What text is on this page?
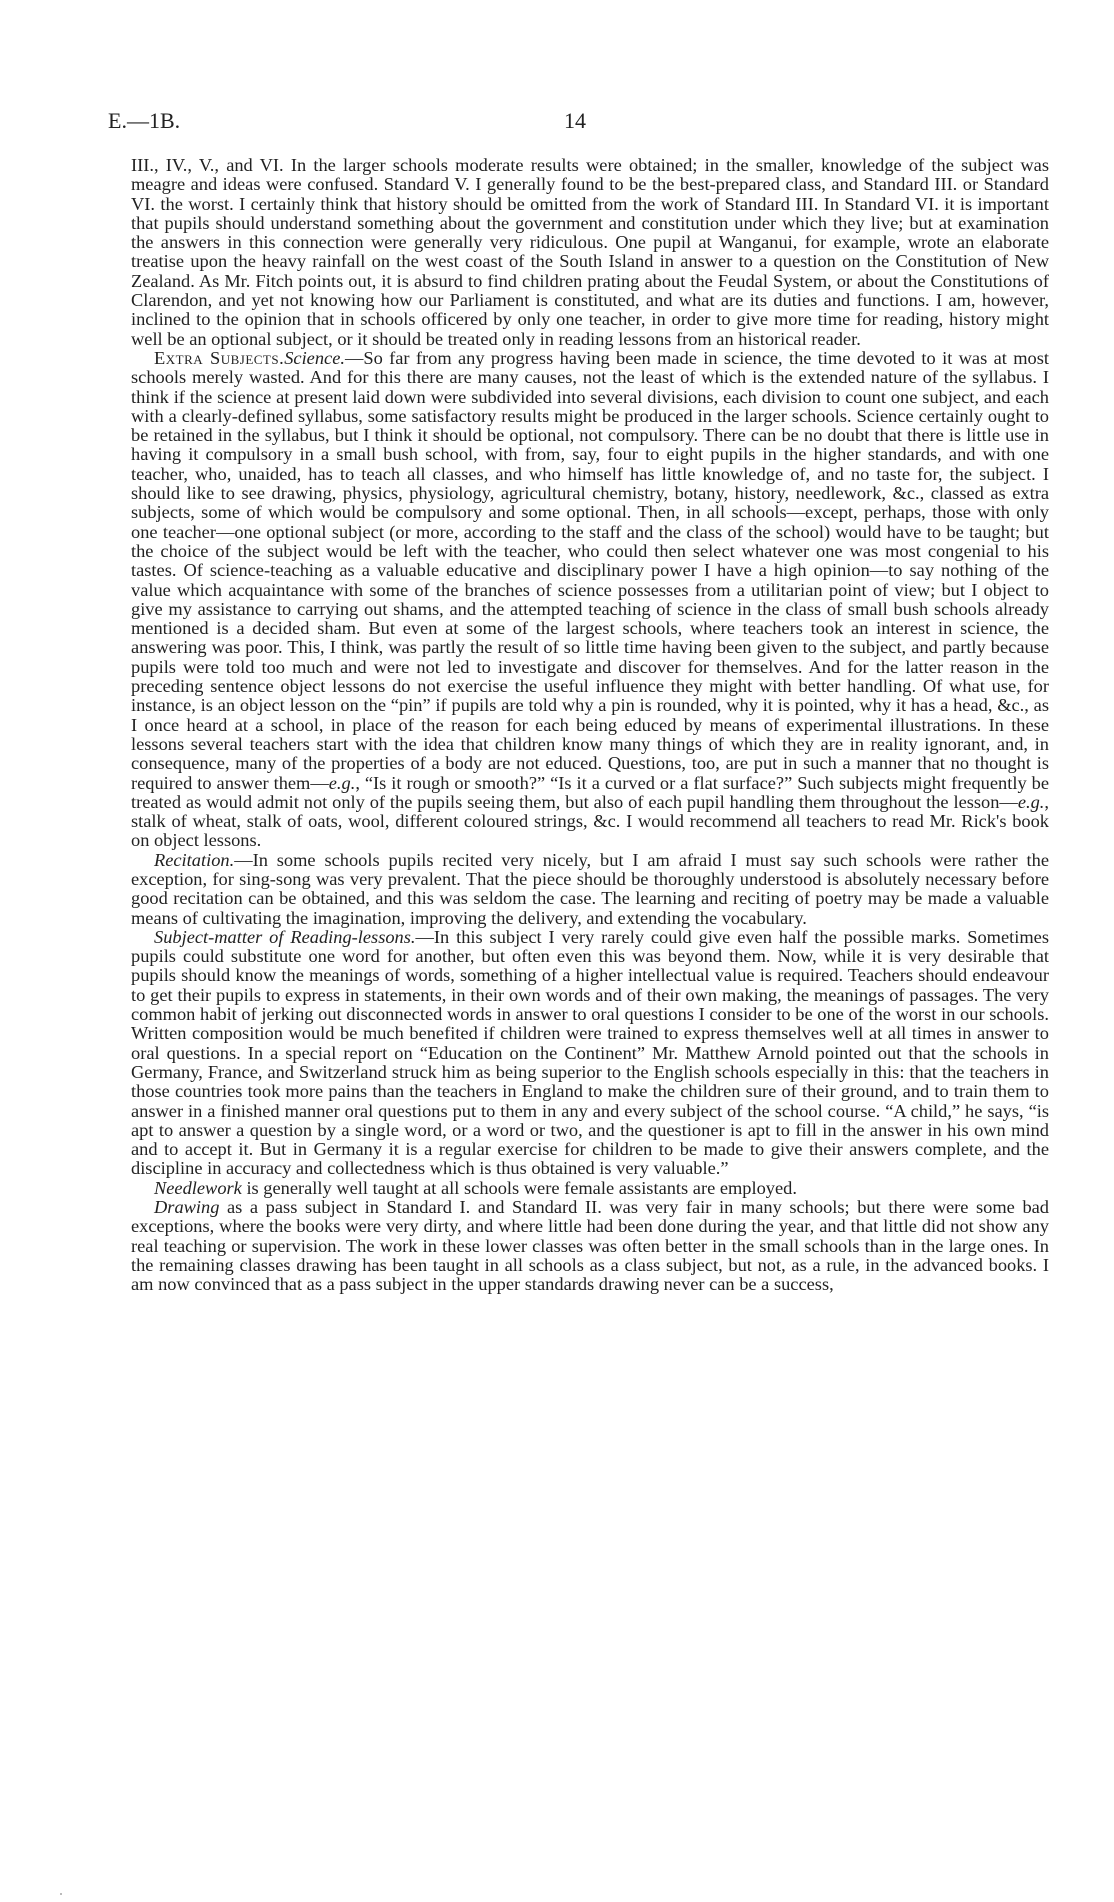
E.—1B.	14

III., IV., V., and VI. In the larger schools moderate results were obtained; in the smaller, knowledge of the subject was meagre and ideas were confused. Standard V. I generally found to be the best-prepared class, and Standard III. or Standard VI. the worst. I certainly think that history should be omitted from the work of Standard III. In Standard VI. it is important that pupils should understand something about the government and constitution under which they live; but at examination the answers in this connection were generally very ridiculous. One pupil at Wanganui, for example, wrote an elaborate treatise upon the heavy rainfall on the west coast of the South Island in answer to a question on the Constitution of New Zealand. As Mr. Fitch points out, it is absurd to find children prating about the Feudal System, or about the Constitutions of Clarendon, and yet not knowing how our Parliament is constituted, and what are its duties and functions. I am, however, inclined to the opinion that in schools officered by only one teacher, in order to give more time for reading, history might well be an optional subject, or it should be treated only in reading lessons from an historical reader.

Extra Subjects.Science.—So far from any progress having been made in science, the time devoted to it was at most schools merely wasted. And for this there are many causes, not the least of which is the extended nature of the syllabus. I think if the science at present laid down were subdivided into several divisions, each division to count one subject, and each with a clearly-defined syllabus, some satisfactory results might be produced in the larger schools. Science certainly ought to be retained in the syllabus, but I think it should be optional, not compulsory. There can be no doubt that there is little use in having it compulsory in a small bush school, with from, say, four to eight pupils in the higher standards, and with one teacher, who, unaided, has to teach all classes, and who himself has little knowledge of, and no taste for, the subject. I should like to see drawing, physics, physiology, agricultural chemistry, botany, history, needlework, &c., classed as extra subjects, some of which would be compulsory and some optional. Then, in all schools—except, perhaps, those with only one teacher—one optional subject (or more, according to the staff and the class of the school) would have to be taught; but the choice of the subject would be left with the teacher, who could then select whatever one was most congenial to his tastes. Of science-teaching as a valuable educative and disciplinary power I have a high opinion—to say nothing of the value which acquaintance with some of the branches of science possesses from a utilitarian point of view; but I object to give my assistance to carrying out shams, and the attempted teaching of science in the class of small bush schools already mentioned is a decided sham. But even at some of the largest schools, where teachers took an interest in science, the answering was poor. This, I think, was partly the result of so little time having been given to the subject, and partly because pupils were told too much and were not led to investigate and discover for themselves. And for the latter reason in the preceding sentence object lessons do not exercise the useful influence they might with better handling. Of what use, for instance, is an object lesson on the “pin” if pupils are told why a pin is rounded, why it is pointed, why it has a head, &c., as I once heard at a school, in place of the reason for each being educed by means of experimental illustrations. In these lessons several teachers start with the idea that children know many things of which they are in reality ignorant, and, in consequence, many of the properties of a body are not educed. Questions, too, are put in such a manner that no thought is required to answer them—e.g., “Is it rough or smooth?” “Is it a curved or a flat surface?” Such subjects might frequently be treated as would admit not only of the pupils seeing them, but also of each pupil handling them throughout the lesson—e.g., stalk of wheat, stalk of oats, wool, different coloured strings, &c. I would recommend all teachers to read Mr. Rick's book on object lessons.

Recitation.—In some schools pupils recited very nicely, but I am afraid I must say such schools were rather the exception, for sing-song was very prevalent. That the piece should be thoroughly understood is absolutely necessary before good recitation can be obtained, and this was seldom the case. The learning and reciting of poetry may be made a valuable means of cultivating the imagination, improving the delivery, and extending the vocabulary.

Subject-matter of Reading-lessons.—In this subject I very rarely could give even half the possible marks. Sometimes pupils could substitute one word for another, but often even this was beyond them. Now, while it is very desirable that pupils should know the meanings of words, something of a higher intellectual value is required. Teachers should endeavour to get their pupils to express in statements, in their own words and of their own making, the meanings of passages. The very common habit of jerking out disconnected words in answer to oral questions I consider to be one of the worst in our schools. Written composition would be much benefited if children were trained to express themselves well at all times in answer to oral questions. In a special report on “Education on the Continent” Mr. Matthew Arnold pointed out that the schools in Germany, France, and Switzerland struck him as being superior to the English schools especially in this: that the teachers in those countries took more pains than the teachers in England to make the children sure of their ground, and to train them to answer in a finished manner oral questions put to them in any and every subject of the school course. “A child,” he says, “is apt to answer a question by a single word, or a word or two, and the questioner is apt to fill in the answer in his own mind and to accept it. But in Germany it is a regular exercise for children to be made to give their answers complete, and the discipline in accuracy and collectedness which is thus obtained is very valuable.”

Needlework is generally well taught at all schools were female assistants are employed.

Drawing as a pass subject in Standard I. and Standard II. was very fair in many schools; but there were some bad exceptions, where the books were very dirty, and where little had been done during the year, and that little did not show any real teaching or supervision. The work in these lower classes was often better in the small schools than in the large ones. In the remaining classes drawing has been taught in all schools as a class subject, but not, as a rule, in the advanced books. I am now convinced that as a pass subject in the upper standards drawing never can be a success,
